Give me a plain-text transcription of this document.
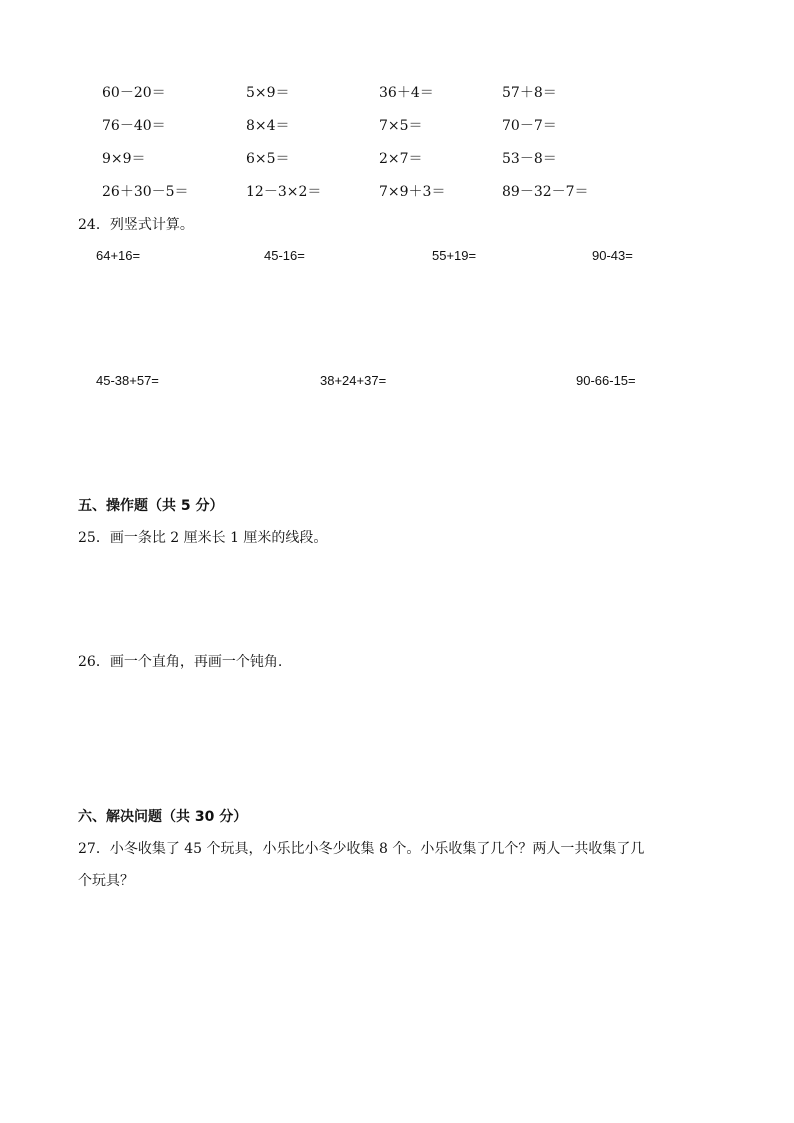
60－20＝	5×9＝	36＋4＝	57＋8＝
76－40＝	8×4＝	7×5＝	70－7＝
9×9＝	6×5＝	2×7＝	53－8＝
26＋30－5＝	12－3×2＝	7×9＋3＝	89－32－7＝
24．列竖式计算。
64+16=	45-16=	55+19=	90-43=
45-38+57=	38+24+37=	90-66-15=
五、操作题（共 5 分）
25．画一条比 2 厘米长 1 厘米的线段。
26．画一个直角，再画一个钝角.
六、解决问题（共 30 分）
27．小冬收集了 45 个玩具，小乐比小冬少收集 8 个。小乐收集了几个？两人一共收集了几
个玩具？
